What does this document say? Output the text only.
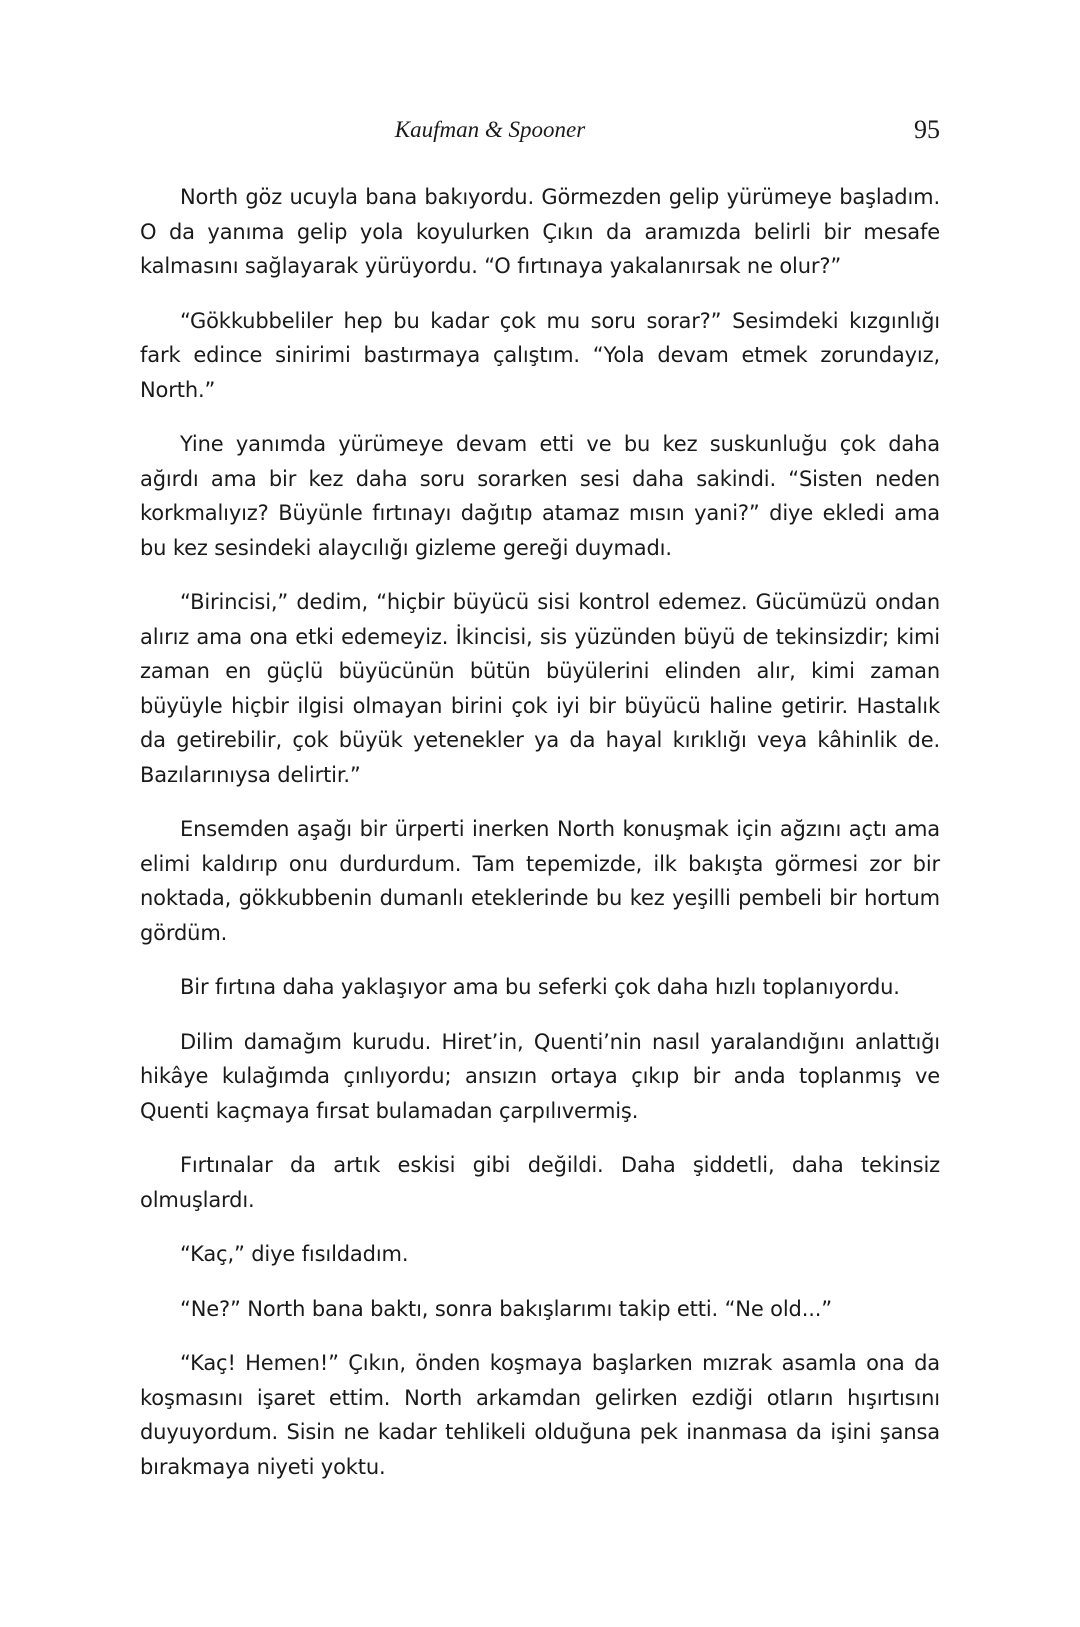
Kaufman & Spooner	95

North göz ucuyla bana bakıyordu. Görmezden gelip yürümeye başladım. O da yanıma gelip yola koyulurken Çıkın da aramızda belirli bir mesafe kalmasını sağlayarak yürüyordu. “O fırtınaya yakalanırsak ne olur?”

“Gökkubbeliler hep bu kadar çok mu soru sorar?” Sesimdeki kızgınlığı fark edince sinirimi bastırmaya çalıştım. “Yola devam etmek zorundayız, North.”

Yine yanımda yürümeye devam etti ve bu kez suskunluğu çok daha ağırdı ama bir kez daha soru sorarken sesi daha sakindi. “Sisten neden korkmalıyız? Büyünle fırtınayı dağıtıp atamaz mısın yani?” diye ekledi ama bu kez sesindeki alaycılığı gizleme gereği duymadı.

“Birincisi,” dedim, “hiçbir büyücü sisi kontrol edemez. Gücümüzü ondan alırız ama ona etki edemeyiz. İkincisi, sis yüzünden büyü de tekinsizdir; kimi zaman en güçlü büyücünün bütün büyülerini elinden alır, kimi zaman büyüyle hiçbir ilgisi olmayan birini çok iyi bir büyücü haline getirir. Hastalık da getirebilir, çok büyük yetenekler ya da hayal kırıklığı veya kâhinlik de. Bazılarınıysa delirtir.”

Ensemden aşağı bir ürperti inerken North konuşmak için ağzını açtı ama elimi kaldırıp onu durdurdum. Tam tepemizde, ilk bakışta görmesi zor bir noktada, gökkubbenin dumanlı eteklerinde bu kez yeşilli pembeli bir hortum gördüm.

Bir fırtına daha yaklaşıyor ama bu seferki çok daha hızlı toplanıyordu.

Dilim damağım kurudu. Hiret’in, Quenti’nin nasıl yaralandığını anlattığı hikâye kulağımda çınlıyordu; ansızın ortaya çıkıp bir anda toplanmış ve Quenti kaçmaya fırsat bulamadan çarpılıvermiş.

Fırtınalar da artık eskisi gibi değildi. Daha şiddetli, daha tekinsiz olmuşlardı.

“Kaç,” diye fısıldadım.

“Ne?” North bana baktı, sonra bakışlarımı takip etti. “Ne old...”

“Kaç! Hemen!” Çıkın, önden koşmaya başlarken mızrak asamla ona da koşmasını işaret ettim. North arkamdan gelirken ezdiği otların hışırtısını duyuyordum. Sisin ne kadar tehlikeli olduğuna pek inanmasa da işini şansa bırakmaya niyeti yoktu.
